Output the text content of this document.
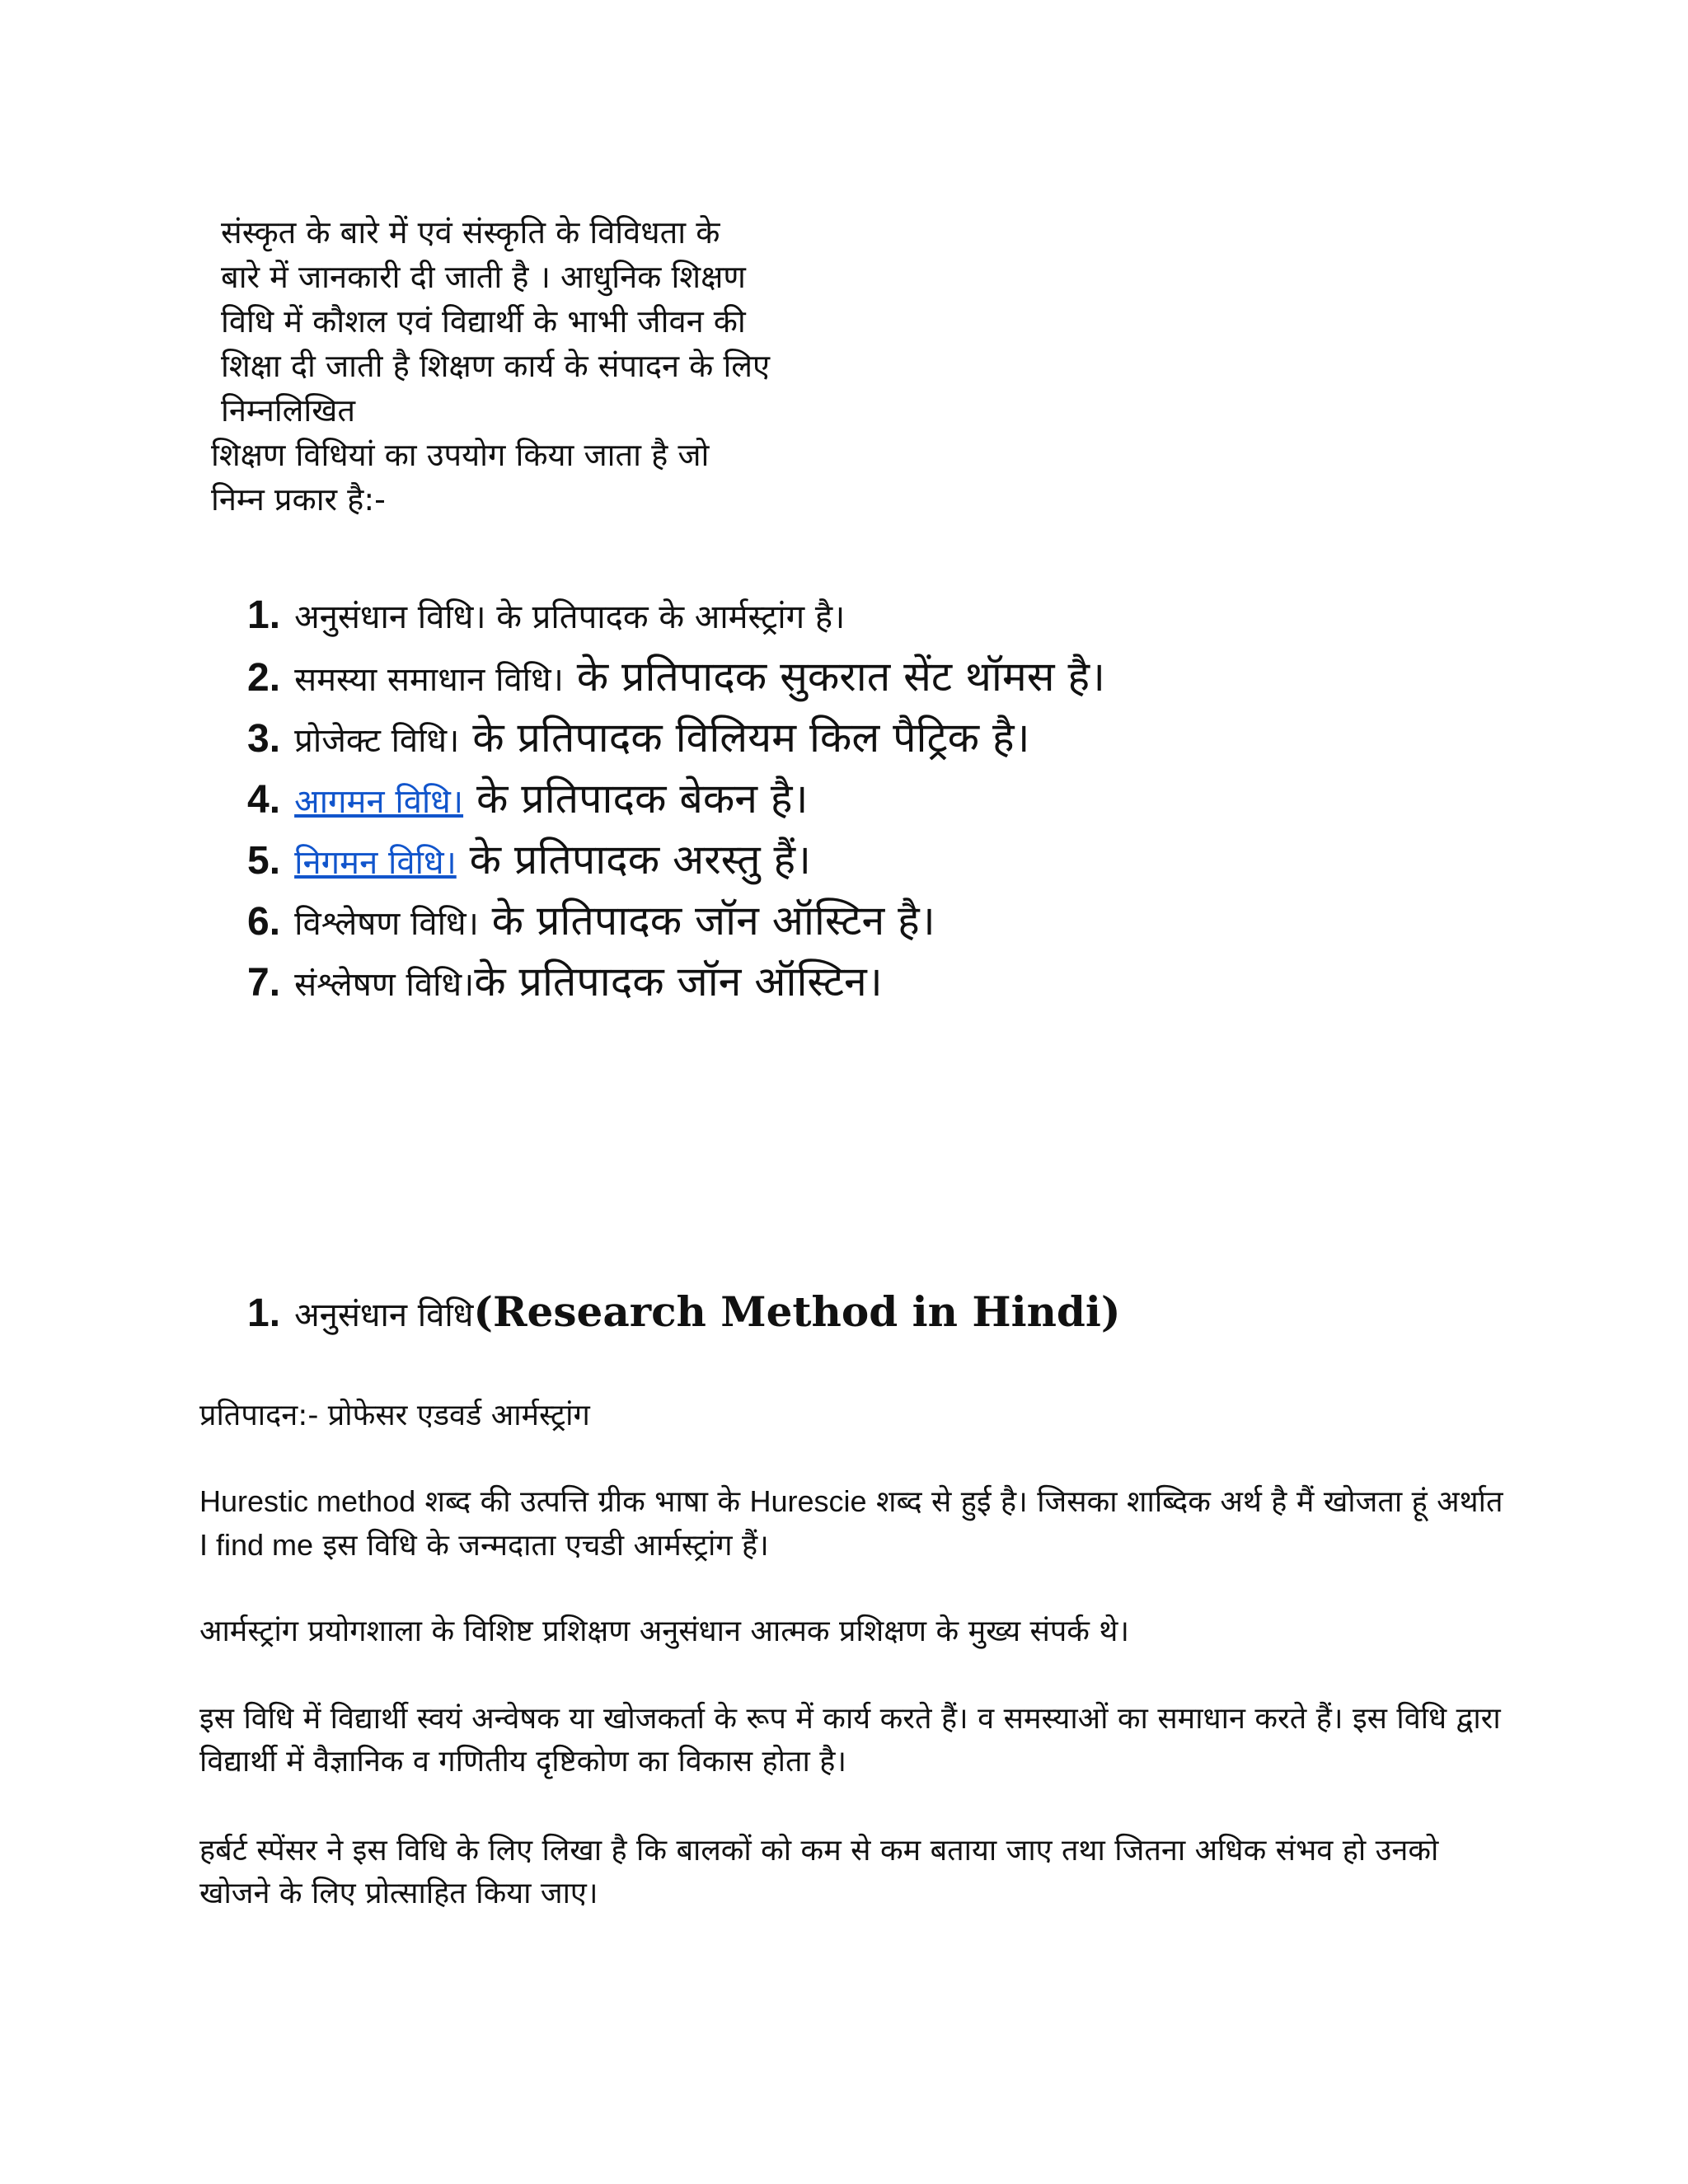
संस्कृत के बारे में एवं संस्कृति के विविधता के
बारे में जानकारी दी जाती है । आधुनिक शिक्षण
विधि में कौशल एवं विद्यार्थी के भाभी जीवन की
शिक्षा दी जाती है शिक्षण कार्य के संपादन के लिए
निम्नलिखित
शिक्षण विधियां का उपयोग किया जाता है जो
निम्न प्रकार है:-
1. अनुसंधान विधि। के प्रतिपादक के आर्मस्ट्रांग है।
2. समस्या समाधान विधि। के प्रतिपादक सुकरात सेंट थॉमस है।
3. प्रोजेक्ट विधि। के प्रतिपादक विलियम किल पैट्रिक है।
4. आगमन विधि। के प्रतिपादक बेकन है।
5. निगमन विधि। के प्रतिपादक अरस्तु हैं।
6. विश्लेषण विधि। के प्रतिपादक जॉन ऑस्टिन है।
7. संश्लेषण विधि।के प्रतिपादक जॉन ऑस्टिन।
1. अनुसंधान विधि(Research Method in Hindi)

प्रतिपादन:- प्रोफेसर एडवर्ड आर्मस्ट्रांग

Hurestic method शब्द की उत्पत्ति ग्रीक भाषा के Hurescie शब्द से हुई है। जिसका शाब्दिक अर्थ है मैं खोजता हूं अर्थात I find me इस विधि के जन्मदाता एचडी आर्मस्ट्रांग हैं।

आर्मस्ट्रांग प्रयोगशाला के विशिष्ट प्रशिक्षण अनुसंधान आत्मक प्रशिक्षण के मुख्य संपर्क थे।

इस विधि में विद्यार्थी स्वयं अन्वेषक या खोजकर्ता के रूप में कार्य करते हैं। व समस्याओं का समाधान करते हैं। इस विधि द्वारा विद्यार्थी में वैज्ञानिक व गणितीय दृष्टिकोण का विकास होता है।

हर्बर्ट स्पेंसर ने इस विधि के लिए लिखा है कि बालकों को कम से कम बताया जाए तथा जितना अधिक संभव हो उनको खोजने के लिए प्रोत्साहित किया जाए।
